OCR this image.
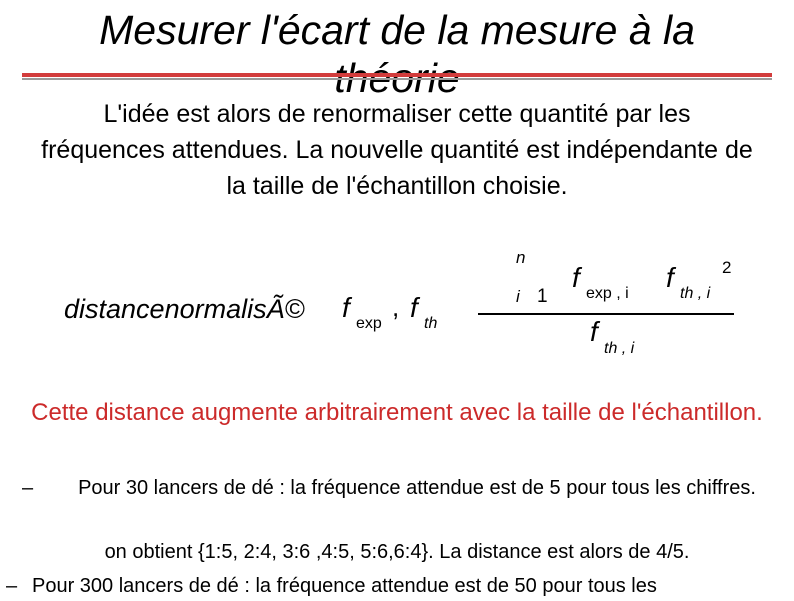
Mesurer l'écart de la mesure à la
L'idée est alors de renormaliser cette quantité par les fréquences attendues. La nouvelle quantité est indépendante de la taille de l'échantillon choisie.
distancenormalisÃ© f
exp
, f
th
n
i 1
f
exp , i
f
th , i
2
f
th , i
Cette distance augmente arbitrairement avec la taille de l'échantillon.
–	Pour 30 lancers de dé : la fréquence attendue est de 5 pour tous les chiffres.
on obtient {1:5, 2:4, 3:6 ,4:5, 5:6,6:4}. La distance est alors de 4/5.
– Pour 300 lancers de dé : la fréquence attendue est de 50 pour tous les
